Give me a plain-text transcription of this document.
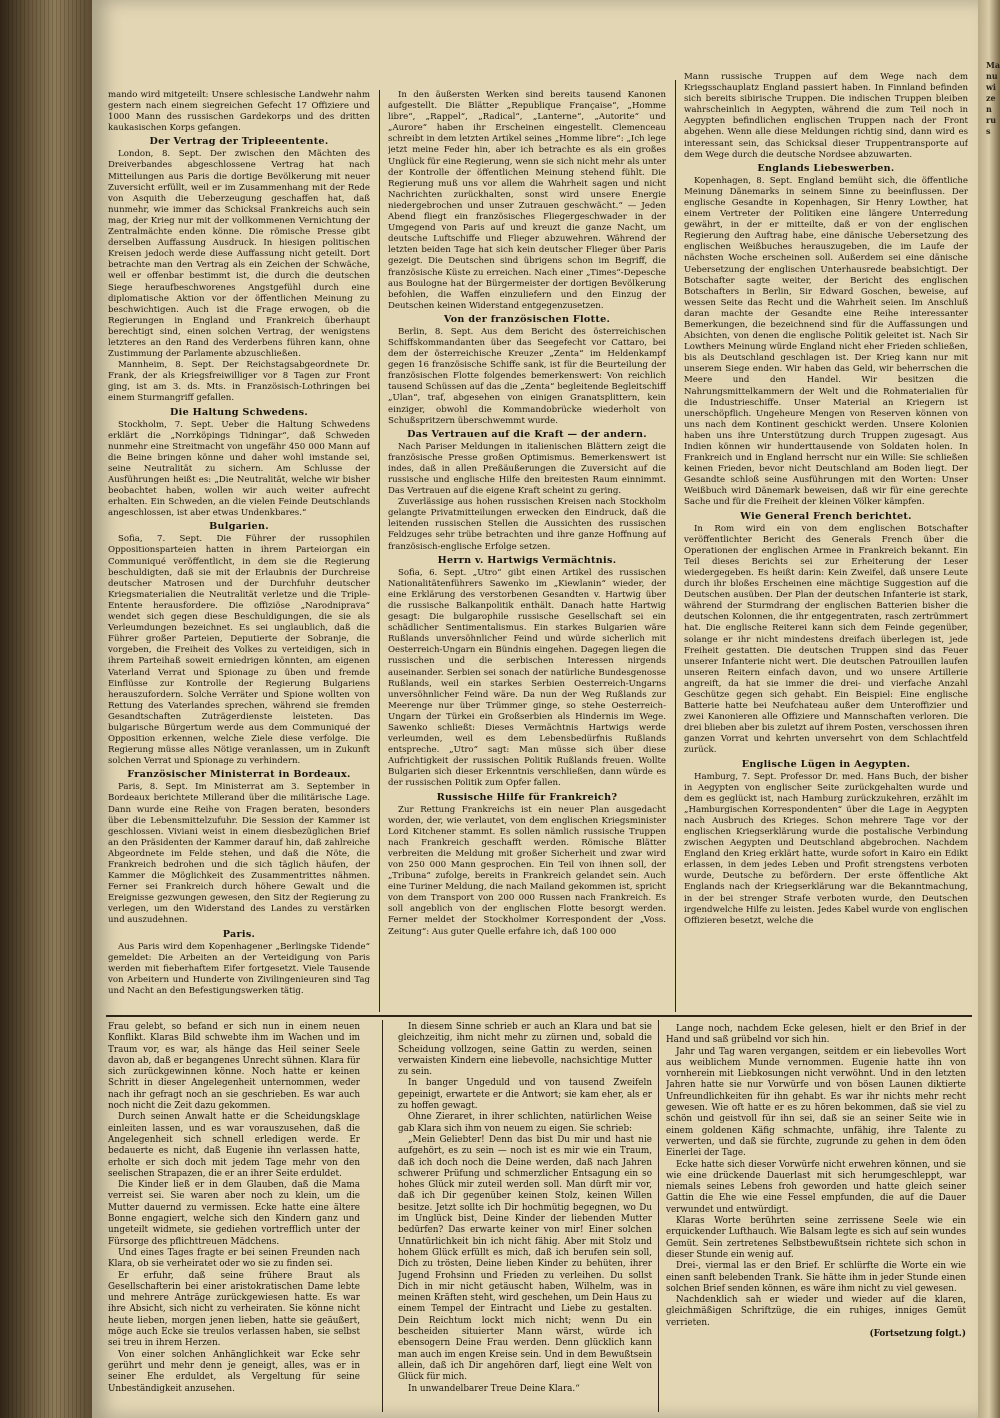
Ma
nu
wi
ze
n
ru
s

mando wird mitgeteilt: Unsere schlesische Landwehr nahm gestern nach einem siegreichen Gefecht 17 Offiziere und 1000 Mann des russischen Gardekorps und des dritten kaukasischen Korps gefangen.

Der Vertrag der Tripleeentente.

London, 8. Sept. Der zwischen den Mächten des Dreiverbandes abgeschlossene Vertrag hat nach Mitteilungen aus Paris die dortige Bevölkerung mit neuer Zuversicht erfüllt, weil er im Zusammenhang mit der Rede von Asquith die Ueberzeugung geschaffen hat, daß nunmehr, wie immer das Schicksal Frankreichs auch sein mag, der Krieg nur mit der vollkommenen Vernichtung der Zentralmächte enden könne. Die römische Presse gibt derselben Auffassung Ausdruck. In hiesigen politischen Kreisen jedoch werde diese Auffassung nicht geteilt. Dort betrachte man den Vertrag als ein Zeichen der Schwäche, weil er offenbar bestimmt ist, die durch die deutschen Siege heraufbeschworenes Angstgefühl durch eine diplomatische Aktion vor der öffentlichen Meinung zu beschwichtigen. Auch ist die Frage erwogen, ob die Regierungen in England und Frankreich überhaupt berechtigt sind, einen solchen Vertrag, der wenigstens letzteres an den Rand des Verderbens führen kann, ohne Zustimmung der Parlamente abzuschließen.

Mannheim, 8. Sept. Der Reichstagsabgeordnete Dr. Frank, der als Kriegsfreiwilliger vor 8 Tagen zur Front ging, ist am 3. ds. Mts. in Französisch-Lothringen bei einem Sturmangriff gefallen.

Die Haltung Schwedens.

Stockholm, 7. Sept. Ueber die Haltung Schwedens erklärt die „Norrköpings Tidningar“, daß Schweden nunmehr eine Streitmacht von ungefähr 450 000 Mann auf die Beine bringen könne und daher wohl imstande sei, seine Neutralität zu sichern. Am Schlusse der Ausführungen heißt es: „Die Neutralität, welche wir bisher beobachtet haben, wollen wir auch weiter aufrecht erhalten. Ein Schweden, an die vielen Feinde Deutschlands angeschlossen, ist aber etwas Undenkbares.“

Bulgarien.

Sofia, 7. Sept. Die Führer der russophilen Oppositionsparteien hatten in ihrem Parteiorgan ein Communiqué veröffentlicht, in dem sie die Regierung beschuldigten, daß sie mit der Erlaubnis der Durchreise deutscher Matrosen und der Durchfuhr deutscher Kriegsmaterialien die Neutralität verletze und die Triple-Entente herausfordere. Die offiziöse „Narodniprava“ wendet sich gegen diese Beschuldigungen, die sie als Verleumdungen bezeichnet. Es sei unglaublich, daß die Führer großer Parteien, Deputierte der Sobranje, die vorgeben, die Freiheit des Volkes zu verteidigen, sich in ihrem Parteihaß soweit erniedrigen könnten, am eigenen Vaterland Verrat und Spionage zu üben und fremde Einflüsse zur Kontrolle der Regierung Bulgariens herauszufordern. Solche Verräter und Spione wollten von Rettung des Vaterlandes sprechen, während sie fremden Gesandtschaften Zuträgerdienste leisteten. Das bulgarische Bürgertum werde aus dem Communiqué der Opposition erkennen, welche Ziele diese verfolge. Die Regierung müsse alles Nötige veranlassen, um in Zukunft solchen Verrat und Spionage zu verhindern.

Französischer Ministerrat in Bordeaux.

Paris, 8. Sept. Im Ministerrat am 3. September in Bordeaux berichtete Millerand über die militärische Lage. Dann wurde eine Reihe von Fragen beraten, besonders über die Lebensmittelzufuhr. Die Session der Kammer ist geschlossen. Viviani weist in einem diesbezüglichen Brief an den Präsidenten der Kammer darauf hin, daß zahlreiche Abgeordnete im Felde stehen, und daß die Nöte, die Frankreich bedrohen und die sich täglich häufen, der Kammer die Möglichkeit des Zusammentrittes nähmen. Ferner sei Frankreich durch höhere Gewalt und die Ereignisse gezwungen gewesen, den Sitz der Regierung zu verlegen, um den Widerstand des Landes zu verstärken und auszudehnen.

Paris.

Aus Paris wird dem Kopenhagener „Berlingske Tidende“ gemeldet: Die Arbeiten an der Verteidigung von Paris werden mit fieberhaftem Eifer fortgesetzt. Viele Tausende von Arbeitern und Hunderte von Zivilingenieuren sind Tag und Nacht an den Befestigungswerken tätig.

In den äußersten Werken sind bereits tausend Kanonen aufgestellt. Die Blätter „Republique Française“, „Homme libre“, „Rappel“, „Radical“, „Lanterne“, „Autorite“ und „Aurore“ haben ihr Erscheinen eingestellt. Clemenceau schreibt in dem letzten Artikel seines „Homme libre“: „Ich lege jetzt meine Feder hin, aber ich betrachte es als ein großes Unglück für eine Regierung, wenn sie sich nicht mehr als unter der Kontrolle der öffentlichen Meinung stehend fühlt. Die Regierung muß uns vor allem die Wahrheit sagen und nicht Nachrichten zurückhalten, sonst wird unsere Energie niedergebrochen und unser Zutrauen geschwächt.“ — Jeden Abend fliegt ein französisches Fliegergeschwader in der Umgegend von Paris auf und kreuzt die ganze Nacht, um deutsche Luftschiffe und Flieger abzuwehren. Während der letzten beiden Tage hat sich kein deutscher Flieger über Paris gezeigt. Die Deutschen sind übrigens schon im Begriff, die französische Küste zu erreichen. Nach einer „Times“-Depesche aus Boulogne hat der Bürgermeister der dortigen Bevölkerung befohlen, die Waffen einzuliefern und den Einzug der Deutschen keinen Widerstand entgegenzusetzen.

Von der französischen Flotte.

Berlin, 8. Sept. Aus dem Bericht des österreichischen Schiffskommandanten über das Seegefecht vor Cattaro, bei dem der österreichische Kreuzer „Zenta“ im Heldenkampf gegen 16 französische Schiffe sank, ist für die Beurteilung der französischen Flotte folgendes bemerkenswert: Von reichlich tausend Schüssen auf das die „Zenta“ begleitende Begleitschiff „Ulan“, traf, abgesehen von einigen Granatsplittern, kein einziger, obwohl die Kommandobrücke wiederholt von Schußspritzern überschwemmt wurde.

Das Vertrauen auf die Kraft — der andern.

Nach Pariser Meldungen in italienischen Blättern zeigt die französische Presse großen Optimismus. Bemerkenswert ist indes, daß in allen Preßäußerungen die Zuversicht auf die russische und englische Hilfe den breitesten Raum einnimmt. Das Vertrauen auf die eigene Kraft scheint zu gering.

Zuverlässige aus hohen russischen Kreisen nach Stockholm gelangte Privatmitteilungen erwecken den Eindruck, daß die leitenden russischen Stellen die Aussichten des russischen Feldzuges sehr trübe betrachten und ihre ganze Hoffnung auf französisch-englische Erfolge setzen.

Herrn v. Hartwigs Vermächtnis.

Sofia, 6. Sept. „Utro“ gibt einen Artikel des russischen Nationalitätenführers Sawenko im „Kiewlanin“ wieder, der eine Erklärung des verstorbenen Gesandten v. Hartwig über die russische Balkanpolitik enthält. Danach hatte Hartwig gesagt: Die bulgarophile russische Gesellschaft sei ein schädlicher Sentimentalismus. Ein starkes Bulgarien wäre Rußlands unversöhnlicher Feind und würde sicherlich mit Oesterreich-Ungarn ein Bündnis eingehen. Dagegen liegen die russischen und die serbischen Interessen nirgends auseinander. Serbien sei sonach der natürliche Bundesgenosse Rußlands, weil ein starkes Serbien Oesterreich-Ungarns unversöhnlicher Feind wäre. Da nun der Weg Rußlands zur Meerenge nur über Trümmer ginge, so stehe Oesterreich-Ungarn der Türkei ein Großserbien als Hindernis im Wege. Sawenko schließt: Dieses Vermächtnis Hartwigs werde verleumden, weil es dem Lebensbedürfnis Rußlands entspreche. „Utro“ sagt: Man müsse sich über diese Aufrichtigkeit der russischen Politik Rußlands freuen. Wollte Bulgarien sich dieser Erkenntnis verschließen, dann würde es der russischen Politik zum Opfer fallen.

Russische Hilfe für Frankreich?

Zur Rettung Frankreichs ist ein neuer Plan ausgedacht worden, der, wie verlautet, von dem englischen Kriegsminister Lord Kitchener stammt. Es sollen nämlich russische Truppen nach Frankreich geschafft werden. Römische Blätter verbreiten die Meldung mit großer Sicherheit und zwar wird von 250 000 Mann gesprochen. Ein Teil von ihnen soll, der „Tribuna“ zufolge, bereits in Frankreich gelandet sein. Auch eine Turiner Meldung, die nach Mailand gekommen ist, spricht von dem Transport von 200 000 Russen nach Frankreich. Es soll angeblich von der englischen Flotte besorgt werden. Ferner meldet der Stockholmer Korrespondent der „Voss. Zeitung“: Aus guter Quelle erfahre ich, daß 100 000

Mann russische Truppen auf dem Wege nach dem Kriegsschauplatz England passiert haben. In Finnland befinden sich bereits sibirische Truppen. Die indischen Truppen bleiben wahrscheinlich in Aegypten, während die zum Teil noch in Aegypten befindlichen englischen Truppen nach der Front abgehen. Wenn alle diese Meldungen richtig sind, dann wird es interessant sein, das Schicksal dieser Truppentransporte auf dem Wege durch die deutsche Nordsee abzuwarten.

Englands Liebeswerben.

Kopenhagen, 8. Sept. England bemüht sich, die öffentliche Meinung Dänemarks in seinem Sinne zu beeinflussen. Der englische Gesandte in Kopenhagen, Sir Henry Lowther, hat einem Vertreter der Politiken eine längere Unterredung gewährt, in der er mitteilte, daß er von der englischen Regierung den Auftrag habe, eine dänische Uebersetzung des englischen Weißbuches herauszugeben, die im Laufe der nächsten Woche erscheinen soll. Außerdem sei eine dänische Uebersetzung der englischen Unterhausrede beabsichtigt. Der Botschafter sagte weiter, der Bericht des englischen Botschafters in Berlin, Sir Edward Goschen, beweise, auf wessen Seite das Recht und die Wahrheit seien. Im Anschluß daran machte der Gesandte eine Reihe interessanter Bemerkungen, die bezeichnend sind für die Auffassungen und Absichten, von denen die englische Politik geleitet ist. Nach Sir Lowthers Meinung würde England nicht eher Frieden schließen, bis als Deutschland geschlagen ist. Der Krieg kann nur mit unserem Siege enden. Wir haben das Geld, wir beherrschen die Meere und den Handel. Wir besitzen die Nahrungsmittelkammern der Welt und die Rohmaterialien für die Industrieschiffe. Unser Material an Kriegern ist unerschöpflich. Ungeheure Mengen von Reserven können von uns nach dem Kontinent geschickt werden. Unsere Kolonien haben uns ihre Unterstützung durch Truppen zugesagt. Aus Indien können wir hunderttausende von Soldaten holen. In Frankreich und in England herrscht nur ein Wille: Sie schließen keinen Frieden, bevor nicht Deutschland am Boden liegt. Der Gesandte schloß seine Ausführungen mit den Worten: Unser Weißbuch wird Dänemark beweisen, daß wir für eine gerechte Sache und für die Freiheit der kleinen Völker kämpfen.

Wie General French berichtet.

In Rom wird ein von dem englischen Botschafter veröffentlichter Bericht des Generals French über die Operationen der englischen Armee in Frankreich bekannt. Ein Teil dieses Berichts sei zur Erheiterung der Leser wiedergegeben. Es heißt darin: Kein Zweifel, daß unsere Leute durch ihr bloßes Erscheinen eine mächtige Suggestion auf die Deutschen ausüben. Der Plan der deutschen Infanterie ist stark, während der Sturmdrang der englischen Batterien bisher die deutschen Kolonnen, die ihr entgegentraten, rasch zertrümmert hat. Die englische Reiterei kann sich dem Feinde gegenüber, solange er ihr nicht mindestens dreifach überlegen ist, jede Freiheit gestatten. Die deutschen Truppen sind das Feuer unserer Infanterie nicht wert. Die deutschen Patrouillen laufen unseren Reitern einfach davon, und wo unsere Artillerie angreift, da hat sie immer die drei- und vierfache Anzahl Geschütze gegen sich gehabt. Ein Beispiel: Eine englische Batterie hatte bei Neufchateau außer dem Unteroffizier und zwei Kanonieren alle Offiziere und Mannschaften verloren. Die drei blieben aber bis zuletzt auf ihrem Posten, verschossen ihren ganzen Vorrat und kehrten unversehrt von dem Schlachtfeld zurück.

Englische Lügen in Aegypten.

Hamburg, 7. Sept. Professor Dr. med. Hans Buch, der bisher in Aegypten von englischer Seite zurückgehalten wurde und dem es geglückt ist, nach Hamburg zurückzukehren, erzählt im „Hamburgischen Korrespondenten“ über die Lage in Aegypten nach Ausbruch des Krieges. Schon mehrere Tage vor der englischen Kriegserklärung wurde die postalische Verbindung zwischen Aegypten und Deutschland abgebrochen. Nachdem England den Krieg erklärt hatte, wurde sofort in Kairo ein Edikt erlassen, in dem jedes Leben und Profit strengstens verboten wurde, Deutsche zu befördern. Der erste öffentliche Akt Englands nach der Kriegserklärung war die Bekanntmachung, in der bei strenger Strafe verboten wurde, den Deutschen irgendwelche Hilfe zu leisten. Jedes Kabel wurde von englischen Offizieren besetzt, welche die

Frau gelebt, so befand er sich nun in einem neuen Konflikt. Klaras Bild schwebte ihm im Wachen und im Traum vor, es war, als hänge das Heil seiner Seele davon ab, daß er begangenes Unrecht sühnen. Klara für sich zurückgewinnen könne. Noch hatte er keinen Schritt in dieser Angelegenheit unternommen, weder nach ihr gefragt noch an sie geschrieben. Es war auch noch nicht die Zeit dazu gekommen.

Durch seinen Anwalt hatte er die Scheidungsklage einleiten lassen, und es war vorauszusehen, daß die Angelegenheit sich schnell erledigen werde. Er bedauerte es nicht, daß Eugenie ihn verlassen hatte, erholte er sich doch mit jedem Tage mehr von den seelischen Strapazen, die er an ihrer Seite erduldet.

Die Kinder ließ er in dem Glauben, daß die Mama verreist sei. Sie waren aber noch zu klein, um die Mutter dauernd zu vermissen. Ecke hatte eine ältere Bonne engagiert, welche sich den Kindern ganz und ungeteilt widmete, sie gediehen vortrefflich unter der Fürsorge des pflichttreuen Mädchens.

Und eines Tages fragte er bei seinen Freunden nach Klara, ob sie verheiratet oder wo sie zu finden sei.

Er erfuhr, daß seine frühere Braut als Gesellschafterin bei einer aristokratischen Dame lebte und mehrere Anträge zurückgewiesen hatte. Es war ihre Absicht, sich nicht zu verheiraten. Sie könne nicht heute lieben, morgen jenen lieben, hatte sie geäußert, möge auch Ecke sie treulos verlassen haben, sie selbst sei treu in ihrem Herzen.

Von einer solchen Anhänglichkeit war Ecke sehr gerührt und mehr denn je geneigt, alles, was er in seiner Ehe erduldet, als Vergeltung für seine Unbeständigkeit anzusehen.

In diesem Sinne schrieb er auch an Klara und bat sie gleichzeitig, ihm nicht mehr zu zürnen und, sobald die Scheidung vollzogen, seine Gattin zu werden, seinen verwaisten Kindern eine liebevolle, nachsichtige Mutter zu sein.

In banger Ungeduld und von tausend Zweifeln gepeinigt, erwartete er die Antwort; sie kam eher, als er zu hoffen gewagt.

Ohne Zieraret, in ihrer schlichten, natürlichen Weise gab Klara sich ihm von neuem zu eigen. Sie schrieb:

„Mein Geliebter! Denn das bist Du mir und hast nie aufgehört, es zu sein — noch ist es mir wie ein Traum, daß ich doch noch die Deine werden, daß nach Jahren schwerer Prüfung und schmerzlicher Entsagung ein so hohes Glück mir zuteil werden soll. Man dürft mir vor, daß ich Dir gegenüber keinen Stolz, keinen Willen besitze. Jetzt sollte ich Dir hochmütig begegnen, wo Du im Unglück bist, Deine Kinder der liebenden Mutter bedürfen? Das erwarte keiner von mir! Einer solchen Unnatürlichkeit bin ich nicht fähig. Aber mit Stolz und hohem Glück erfüllt es mich, daß ich berufen sein soll, Dich zu trösten, Deine lieben Kinder zu behüten, ihrer Jugend Frohsinn und Frieden zu verleihen. Du sollst Dich in mir nicht getäuscht haben, Wilhelm, was in meinen Kräften steht, wird geschehen, um Dein Haus zu einem Tempel der Eintracht und Liebe zu gestalten. Dein Reichtum lockt mich nicht; wenn Du ein bescheiden situierter Mann wärst, würde ich ebensogern Deine Frau werden. Denn glücklich kann man auch im engen Kreise sein. Und in dem Bewußtsein allein, daß ich Dir angehören darf, liegt eine Welt von Glück für mich.

In unwandelbarer Treue Deine Klara.“

Lange noch, nachdem Ecke gelesen, hielt er den Brief in der Hand und saß grübelnd vor sich hin.

Jahr und Tag waren vergangen, seitdem er ein liebevolles Wort aus weiblichem Munde vernommen. Eugenie hatte ihn von vornherein mit Liebkosungen nicht verwöhnt. Und in den letzten Jahren hatte sie nur Vorwürfe und von bösen Launen diktierte Unfreundlichkeiten für ihn gehabt. Es war ihr nichts mehr recht gewesen. Wie oft hatte er es zu hören bekommen, daß sie viel zu schön und geistvoll für ihn sei, daß sie an seiner Seite wie in einem goldenen Käfig schmachte, unfähig, ihre Talente zu verwerten, und daß sie fürchte, zugrunde zu gehen in dem öden Einerlei der Tage.

Ecke hatte sich dieser Vorwürfe nicht erwehren können, und sie wie eine drückende Dauerlast mit sich herumgeschleppt, war niemals seines Lebens froh geworden und hatte gleich seiner Gattin die Ehe wie eine Fessel empfunden, die auf die Dauer verwundet und entwürdigt.

Klaras Worte berührten seine zerrissene Seele wie ein erquickender Lufthauch. Wie Balsam legte es sich auf sein wundes Gemüt. Sein zertretenes Selbstbewußtsein richtete sich schon in dieser Stunde ein wenig auf.

Drei-, viermal las er den Brief. Er schlürfte die Worte ein wie einen sanft belebenden Trank. Sie hätte ihm in jeder Stunde einen solchen Brief senden können, es wäre ihm nicht zu viel gewesen.

Nachdenklich sah er wieder und wieder auf die klaren, gleichmäßigen Schriftzüge, die ein ruhiges, inniges Gemüt verrieten.

(Fortsetzung folgt.)
